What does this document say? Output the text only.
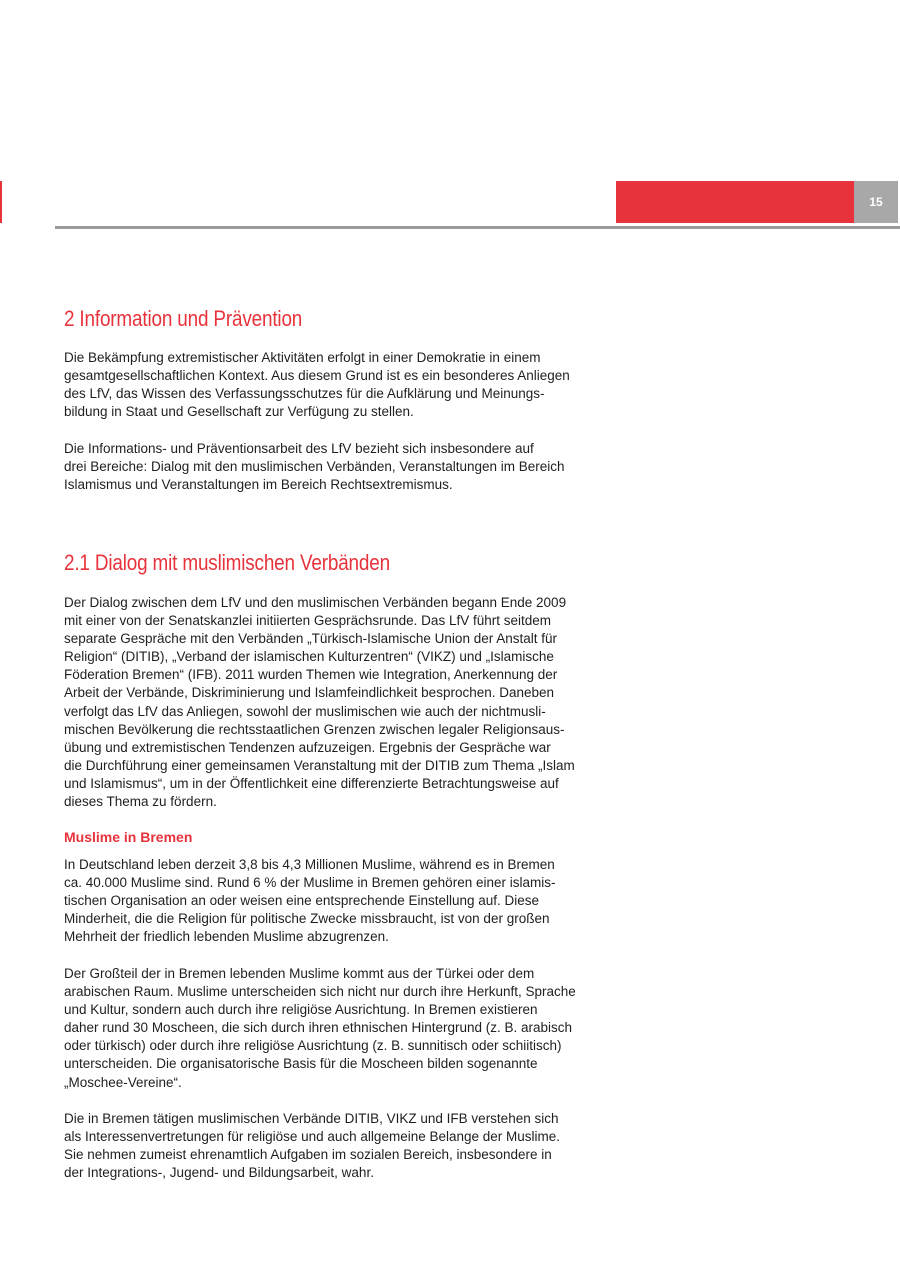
15
2 Information und Prävention

Die Bekämpfung extremistischer Aktivitäten erfolgt in einer Demokratie in einem
gesamtgesellschaftlichen Kontext. Aus diesem Grund ist es ein besonderes Anliegen
des LfV, das Wissen des Verfassungsschutzes für die Aufklärung und Meinungs-
bildung in Staat und Gesellschaft zur Verfügung zu stellen.

Die Informations- und Präventionsarbeit des LfV bezieht sich insbesondere auf
drei Bereiche: Dialog mit den muslimischen Verbänden, Veranstaltungen im Bereich
Islamismus und Veranstaltungen im Bereich Rechtsextremismus.

2.1 Dialog mit muslimischen Verbänden

Der Dialog zwischen dem LfV und den muslimischen Verbänden begann Ende 2009
mit einer von der Senatskanzlei initiierten Gesprächsrunde. Das LfV führt seitdem
separate Gespräche mit den Verbänden „Türkisch-Islamische Union der Anstalt für
Religion“ (DITIB), „Verband der islamischen Kulturzentren“ (VIKZ) und „Islamische
Föderation Bremen“ (IFB). 2011 wurden Themen wie Integration, Anerkennung der
Arbeit der Verbände, Diskriminierung und Islamfeindlichkeit besprochen. Daneben
verfolgt das LfV das Anliegen, sowohl der muslimischen wie auch der nichtmusli-
mischen Bevölkerung die rechtsstaatlichen Grenzen zwischen legaler Religionsaus-
übung und extremistischen Tendenzen aufzuzeigen. Ergebnis der Gespräche war
die Durchführung einer gemeinsamen Veranstaltung mit der DITIB zum Thema „Islam
und Islamismus“, um in der Öffentlichkeit eine differenzierte Betrachtungsweise auf
dieses Thema zu fördern.

Muslime in Bremen

In Deutschland leben derzeit 3,8 bis 4,3 Millionen Muslime, während es in Bremen
ca. 40.000 Muslime sind. Rund 6 % der Muslime in Bremen gehören einer islamis-
tischen Organisation an oder weisen eine entsprechende Einstellung auf. Diese
Minderheit, die die Religion für politische Zwecke missbraucht, ist von der großen
Mehrheit der friedlich lebenden Muslime abzugrenzen.

Der Großteil der in Bremen lebenden Muslime kommt aus der Türkei oder dem
arabischen Raum. Muslime unterscheiden sich nicht nur durch ihre Herkunft, Sprache
und Kultur, sondern auch durch ihre religiöse Ausrichtung. In Bremen existieren
daher rund 30 Moscheen, die sich durch ihren ethnischen Hintergrund (z. B. arabisch
oder türkisch) oder durch ihre religiöse Ausrichtung (z. B. sunnitisch oder schiitisch)
unterscheiden. Die organisatorische Basis für die Moscheen bilden sogenannte
„Moschee-Vereine“.

Die in Bremen tätigen muslimischen Verbände DITIB, VIKZ und IFB verstehen sich
als Interessenvertretungen für religiöse und auch allgemeine Belange der Muslime.
Sie nehmen zumeist ehrenamtlich Aufgaben im sozialen Bereich, insbesondere in
der Integrations-, Jugend- und Bildungsarbeit, wahr.
